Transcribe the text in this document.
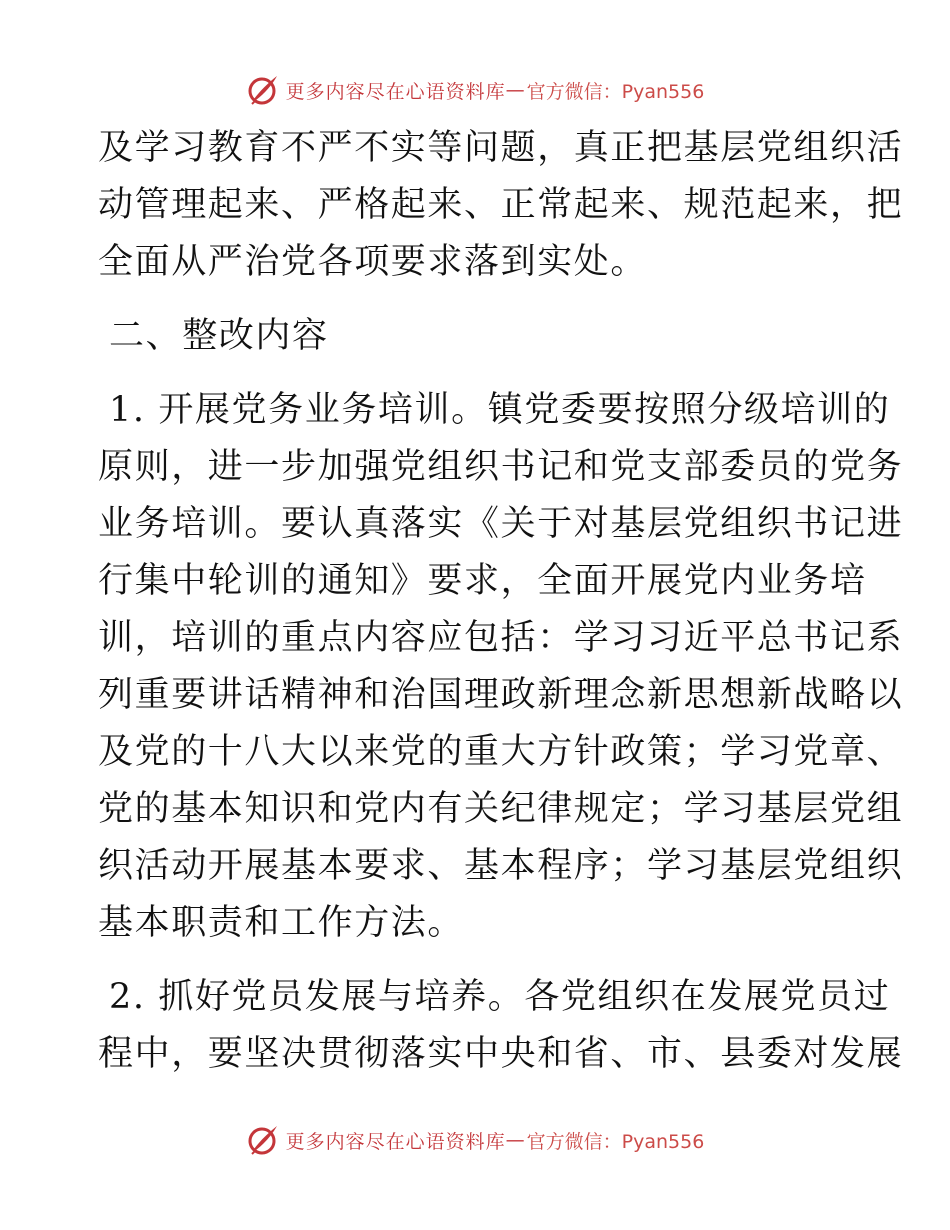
更多内容尽在心语资料库 — 官方微信：Pyan556
及学习教育不严不实等问题，真正把基层党组织活
动管理起来、严格起来、正常起来、规范起来，把
全面从严治党各项要求落到实处。
二、整改内容
1. 开展党务业务培训。镇党委要按照分级培训的
原则，进一步加强党组织书记和党支部委员的党务
业务培训。要认真落实《关于对基层党组织书记进
行集中轮训的通知》要求，全面开展党内业务培
训，培训的重点内容应包括：学习习近平总书记系
列重要讲话精神和治国理政新理念新思想新战略以
及党的十八大以来党的重大方针政策；学习党章、
党的基本知识和党内有关纪律规定；学习基层党组
织活动开展基本要求、基本程序；学习基层党组织
基本职责和工作方法。
2. 抓好党员发展与培养。各党组织在发展党员过
程中，要坚决贯彻落实中央和省、市、县委对发展
更多内容尽在心语资料库 — 官方微信：Pyan556
